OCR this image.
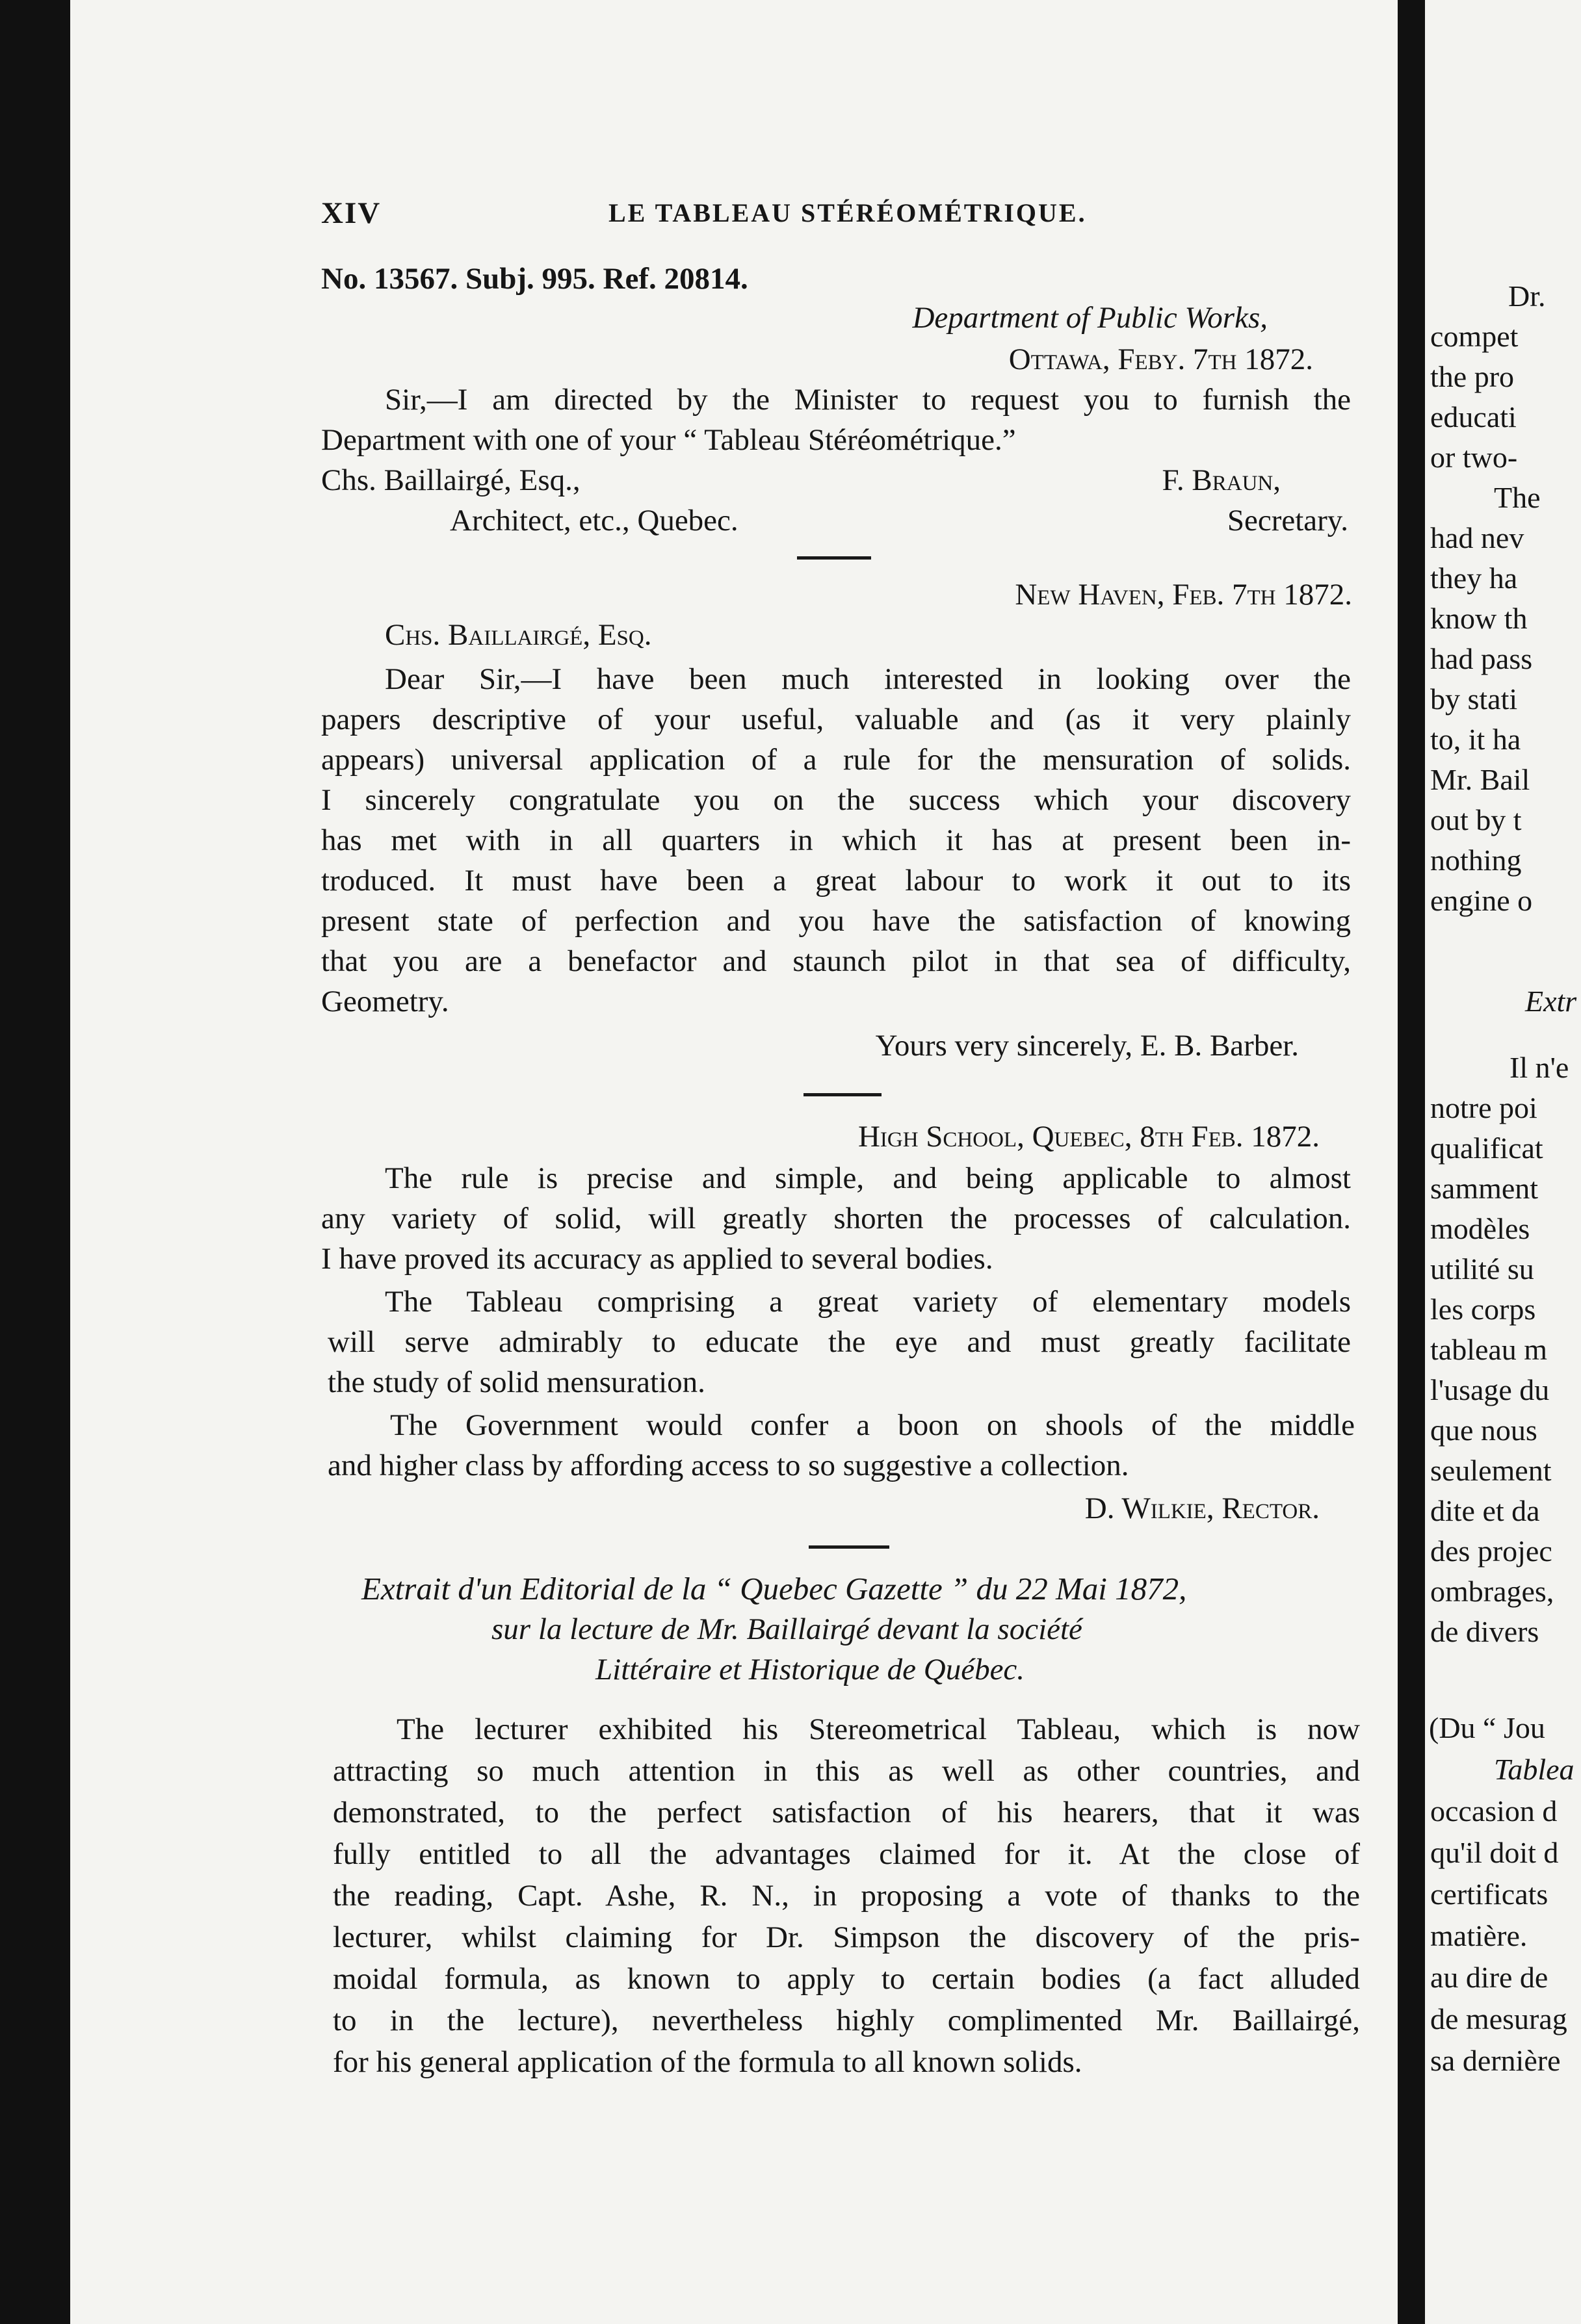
XIV	LE TABLEAU STÉRÉOMÉTRIQUE.
No. 13567. Subj. 995. Ref. 20814.
Department of Public Works,
Ottawa, Feby. 7th 1872.
Sir,—I am directed by the Minister to request you to furnish the
Department with one of your “ Tableau Stéréométrique.”
Chs. Baillairgé, Esq.,	F. Braun,
Architect, etc., Quebec.	Secretary.
New Haven, Feb. 7th 1872.
Chs. Baillairgé, Esq.
Dear Sir,—I have been much interested in looking over the
papers descriptive of your useful, valuable and (as it very plainly
appears) universal application of a rule for the mensuration of solids.
I sincerely congratulate you on the success which your discovery
has met with in all quarters in which it has at present been in-
troduced. It must have been a great labour to work it out to its
present state of perfection and you have the satisfaction of knowing
that you are a benefactor and staunch pilot in that sea of difficulty,
Geometry.
Yours very sincerely, E. B. Barber.
High School, Quebec, 8th Feb. 1872.
The rule is precise and simple, and being applicable to almost
any variety of solid, will greatly shorten the processes of calculation.
I have proved its accuracy as applied to several bodies.
The Tableau comprising a great variety of elementary models
will serve admirably to educate the eye and must greatly facilitate
the study of solid mensuration.
The Government would confer a boon on shools of the middle
and higher class by affording access to so suggestive a collection.
D. Wilkie, Rector.
Extrait d'un Editorial de la “ Quebec Gazette ” du 22 Mai 1872,
sur la lecture de Mr. Baillairgé devant la société
Littéraire et Historique de Québec.
The lecturer exhibited his Stereometrical Tableau, which is now
attracting so much attention in this as well as other countries, and
demonstrated, to the perfect satisfaction of his hearers, that it was
fully entitled to all the advantages claimed for it. At the close of
the reading, Capt. Ashe, R. N., in proposing a vote of thanks to the
lecturer, whilst claiming for Dr. Simpson the discovery of the pris-
moidal formula, as known to apply to certain bodies (a fact alluded
to in the lecture), nevertheless highly complimented Mr. Baillairgé,
for his general application of the formula to all known solids.
Dr.
compet
the pro
educati
or two-
The
had nev
they ha
know th
had pass
by stati
to, it ha
Mr. Bail
out by t
nothing
engine o
Extr
Il n'e
notre poi
qualificat
samment
modèles
utilité su
les corps
tableau m
l'usage du
que nous
seulement
dite et da
des projec
ombrages,
de divers
(Du “ Jou
Tablea
occasion d
qu'il doit d
certificats
matière.
au dire de
de mesurag
sa dernière
